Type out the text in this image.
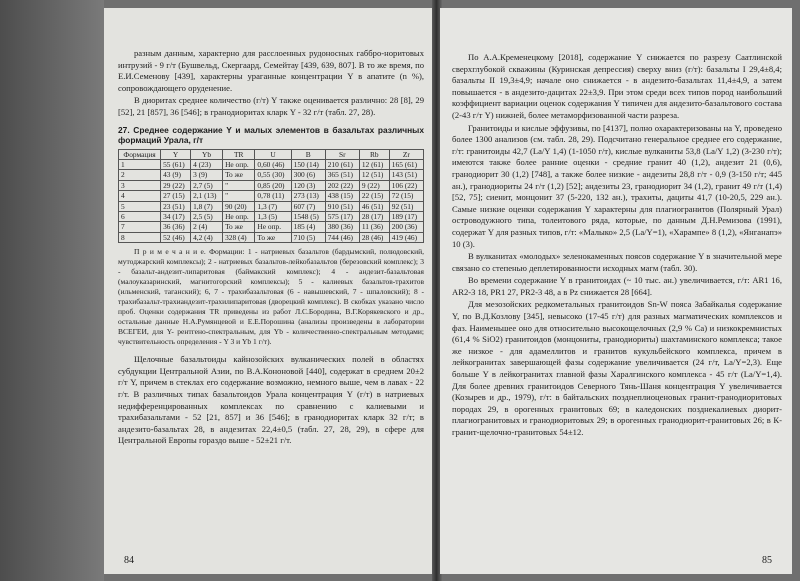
разным данным, характерно для расслоенных рудоносных габбро-норитовых интрузий - 9 г/т (Бушвельд, Скергаард, Семейтау [439, 639, 807]. В то же время, по Е.И.Семенову [439], характерны ураганные концентрации Y в апатите (n %), сопровождающего оруденение.

В диоритах среднее количество (г/т) Y также оценивается различно: 28 [8], 29 [52], 21 [857], 36 [546]; в гранодиоритах кларк Y - 32 г/т (табл. 27, 28).

27. Среднее содержание Y и малых элементов в базальтах различных формаций Урала, г/т
Формация	Y	Yb	TR	U	B	Sr	Rb	Zr
1	55 (61)	4 (23)	Не опр.	0,60 (46)	150 (14)	210 (61)	12 (61)	165 (61)
2	43 (9)	3 (9)	То же	0,55 (30)	300 (6)	365 (51)	12 (51)	143 (51)
3	29 (22)	2,7 (5)	"	0,85 (20)	120 (3)	202 (22)	9 (22)	106 (22)
4	27 (15)	2,1 (13)	"	0,78 (11)	273 (13)	438 (15)	22 (15)	72 (15)
5	23 (51)	1,8 (7)	90 (20)	1,3 (7)	607 (7)	910 (51)	46 (51)	92 (51)
6	34 (17)	2,5 (5)	Не опр.	1,3 (5)	1548 (5)	575 (17)	28 (17)	189 (17)
7	36 (36)	2 (4)	То же	Не опр.	185 (4)	380 (36)	11 (36)	200 (36)
8	52 (46)	4,2 (4)	328 (4)	То же	710 (5)	744 (46)	28 (46)	419 (46)

П р и м е ч а н и е. Формации: 1 - натриевых базальтов (бардымский, полюдовский, мутоджарский комплексы); 2 - натриевых базальтов-лейкобазальтов (березовский комплекс); 3 - базальт-андезит-липаритовая (баймакский комплекс); 4 - андезит-базальтовая (малоуказаринский, магнитогорский комплексы); 5 - калиевых базальтов-трахитов (ильменский, таганский); 6, 7 - трахибазальтовая (6 - навышевский, 7 - шпаловский); 8 - трахибазальт-трахиандезит-трахилипаритовая (дворецкий комплекс). В скобках указано число проб. Оценки содержания TR приведены из работ Л.С.Бородина, В.Г.Корякевского и др., остальные данные Н.А.Румянцевой и Е.Е.Порошина (анализы произведены в лаборатории ВСЕГЕИ, для Y- рентгено-спектральным, для Yb - количественно-спектральным методами; чувствительность определения - Y 3 и Yb 1 г/т).

Щелочные базальтоиды кайнозойских вулканических полей в областях субдукции Центральной Азии, по В.А.Кононовой [440], содержат в среднем 20±2 г/т Y, причем в стеклах его содержание возможно, немного выше, чем в лавах - 22 г/т. В различных типах базальтоидов Урала концентрация Y (г/т) в натриевых недифференцированных комплексах по сравнению с калиевыми и трахибазальтами - 52 [21, 857] и 36 [546]; в гранодиоритах кларк 32 г/т; в андезито-базальтах 28, в андезитах 22,4±0,5 (табл. 27, 28, 29), в сфере для Центральной Европы гораздо выше - 52±21 г/т.

84

По А.А.Кременецкому [2018], содержание Y снижается по разрезу Саатлинской сверхглубокой скважины (Куринская депрессия) сверху вниз (г/т): базальты I 29,4±8,4; базальты II 19,3±4,9; начале оно снижается - в андезито-базальтах 11,4±4,9, а затем повышается - в андезито-дацитах 22±3,9. При этом среди всех типов пород наибольший коэффициент вариации оценок содержания Y типичен для андезито-базальтового состава (2-43 г/т Y) нижней, более метаморфизованной части разреза.

Гранитоиды и кислые эффузивы, по [4137], полно охарактеризованы на Y, проведено более 1300 анализов (см. табл. 28, 29). Подсчитано генеральное среднее его содержание, г/т: гранитоиды 42,7 (La/Y 1,4) (1-1050 г/т), кислые вулканиты 53,8 (La/Y 1,2) (3-230 г/т); имеются также более ранние оценки - средние гранит 40 (1,2), андезит 21 (0,6), гранодиорит 30 (1,2) [748], а также более низкие - андезиты 28,8 г/т - 0,9 (3-150 г/т; 445 ан.), гранодиориты 24 г/т (1,2) [52]; андезиты 23, гранодиорит 34 (1,2), гранит 49 г/т (1,4) [52, 75]; сиенит, монцонит 37 (5-220, 132 ан.), трахиты, дациты 41,7 (10-20,5, 229 ан.). Самые низкие оценки содержания Y характерны для плагиогранитов (Полярный Урал) островодужного типа, толеитового ряда, которые, по данным Д.Н.Ремизова (1991), содержат Y для разных типов, г/т: «Малыко» 2,5 (La/Y=1), «Харампе» 8 (1,2), «Янганапэ» 10 (3).

В вулканитах «молодых» зеленокаменных поясов содержание Y в значительной мере связано со степенью деплетированности исходных магм (табл. 30).

Во времени содержание Y в гранитоидах (~ 10 тыс. ан.) увеличивается, г/т: AR1 16, AR2-3 18, PR1 27, PR2-3 48, а в Pz снижается 28 [664].

Для мезозойских редкометальных гранитоидов Sn-W пояса Забайкалья содержание Y, по В.Д.Козлову [345], невысоко (17-45 г/т) для разных магматических комплексов и фаз. Наименьшее оно для относительно высокощелочных (2,9 % Ca) и низкокремнистых (61,4 % SiO2) гранитоидов (монцониты, гранодиориты) шахтаминского комплекса; такое же низкое - для адамеллитов и гранитов кукульбейского комплекса, причем в лейкогранитах завершающей фазы содержание увеличивается (24 г/т, La/Y=2,3). Еще больше Y в лейкогранитах главной фазы Харалгинского комплекса - 45 г/т (La/Y=1,4). Для более древних гранитоидов Северного Тянь-Шаня концентрация Y увеличивается (Козырев и др., 1979), г/т: в байтальских позднеплиоценовых гранит-гранодиоритовых породах 29, в орогенных гранитовых 69; в каледонских позднекалиевых диорит-плагиогранитовых и гранодиоритовых 29; в орогенных гранодиорит-гранитовых 26; в К-гранит-щелочно-гранитовых 54±12.

85
